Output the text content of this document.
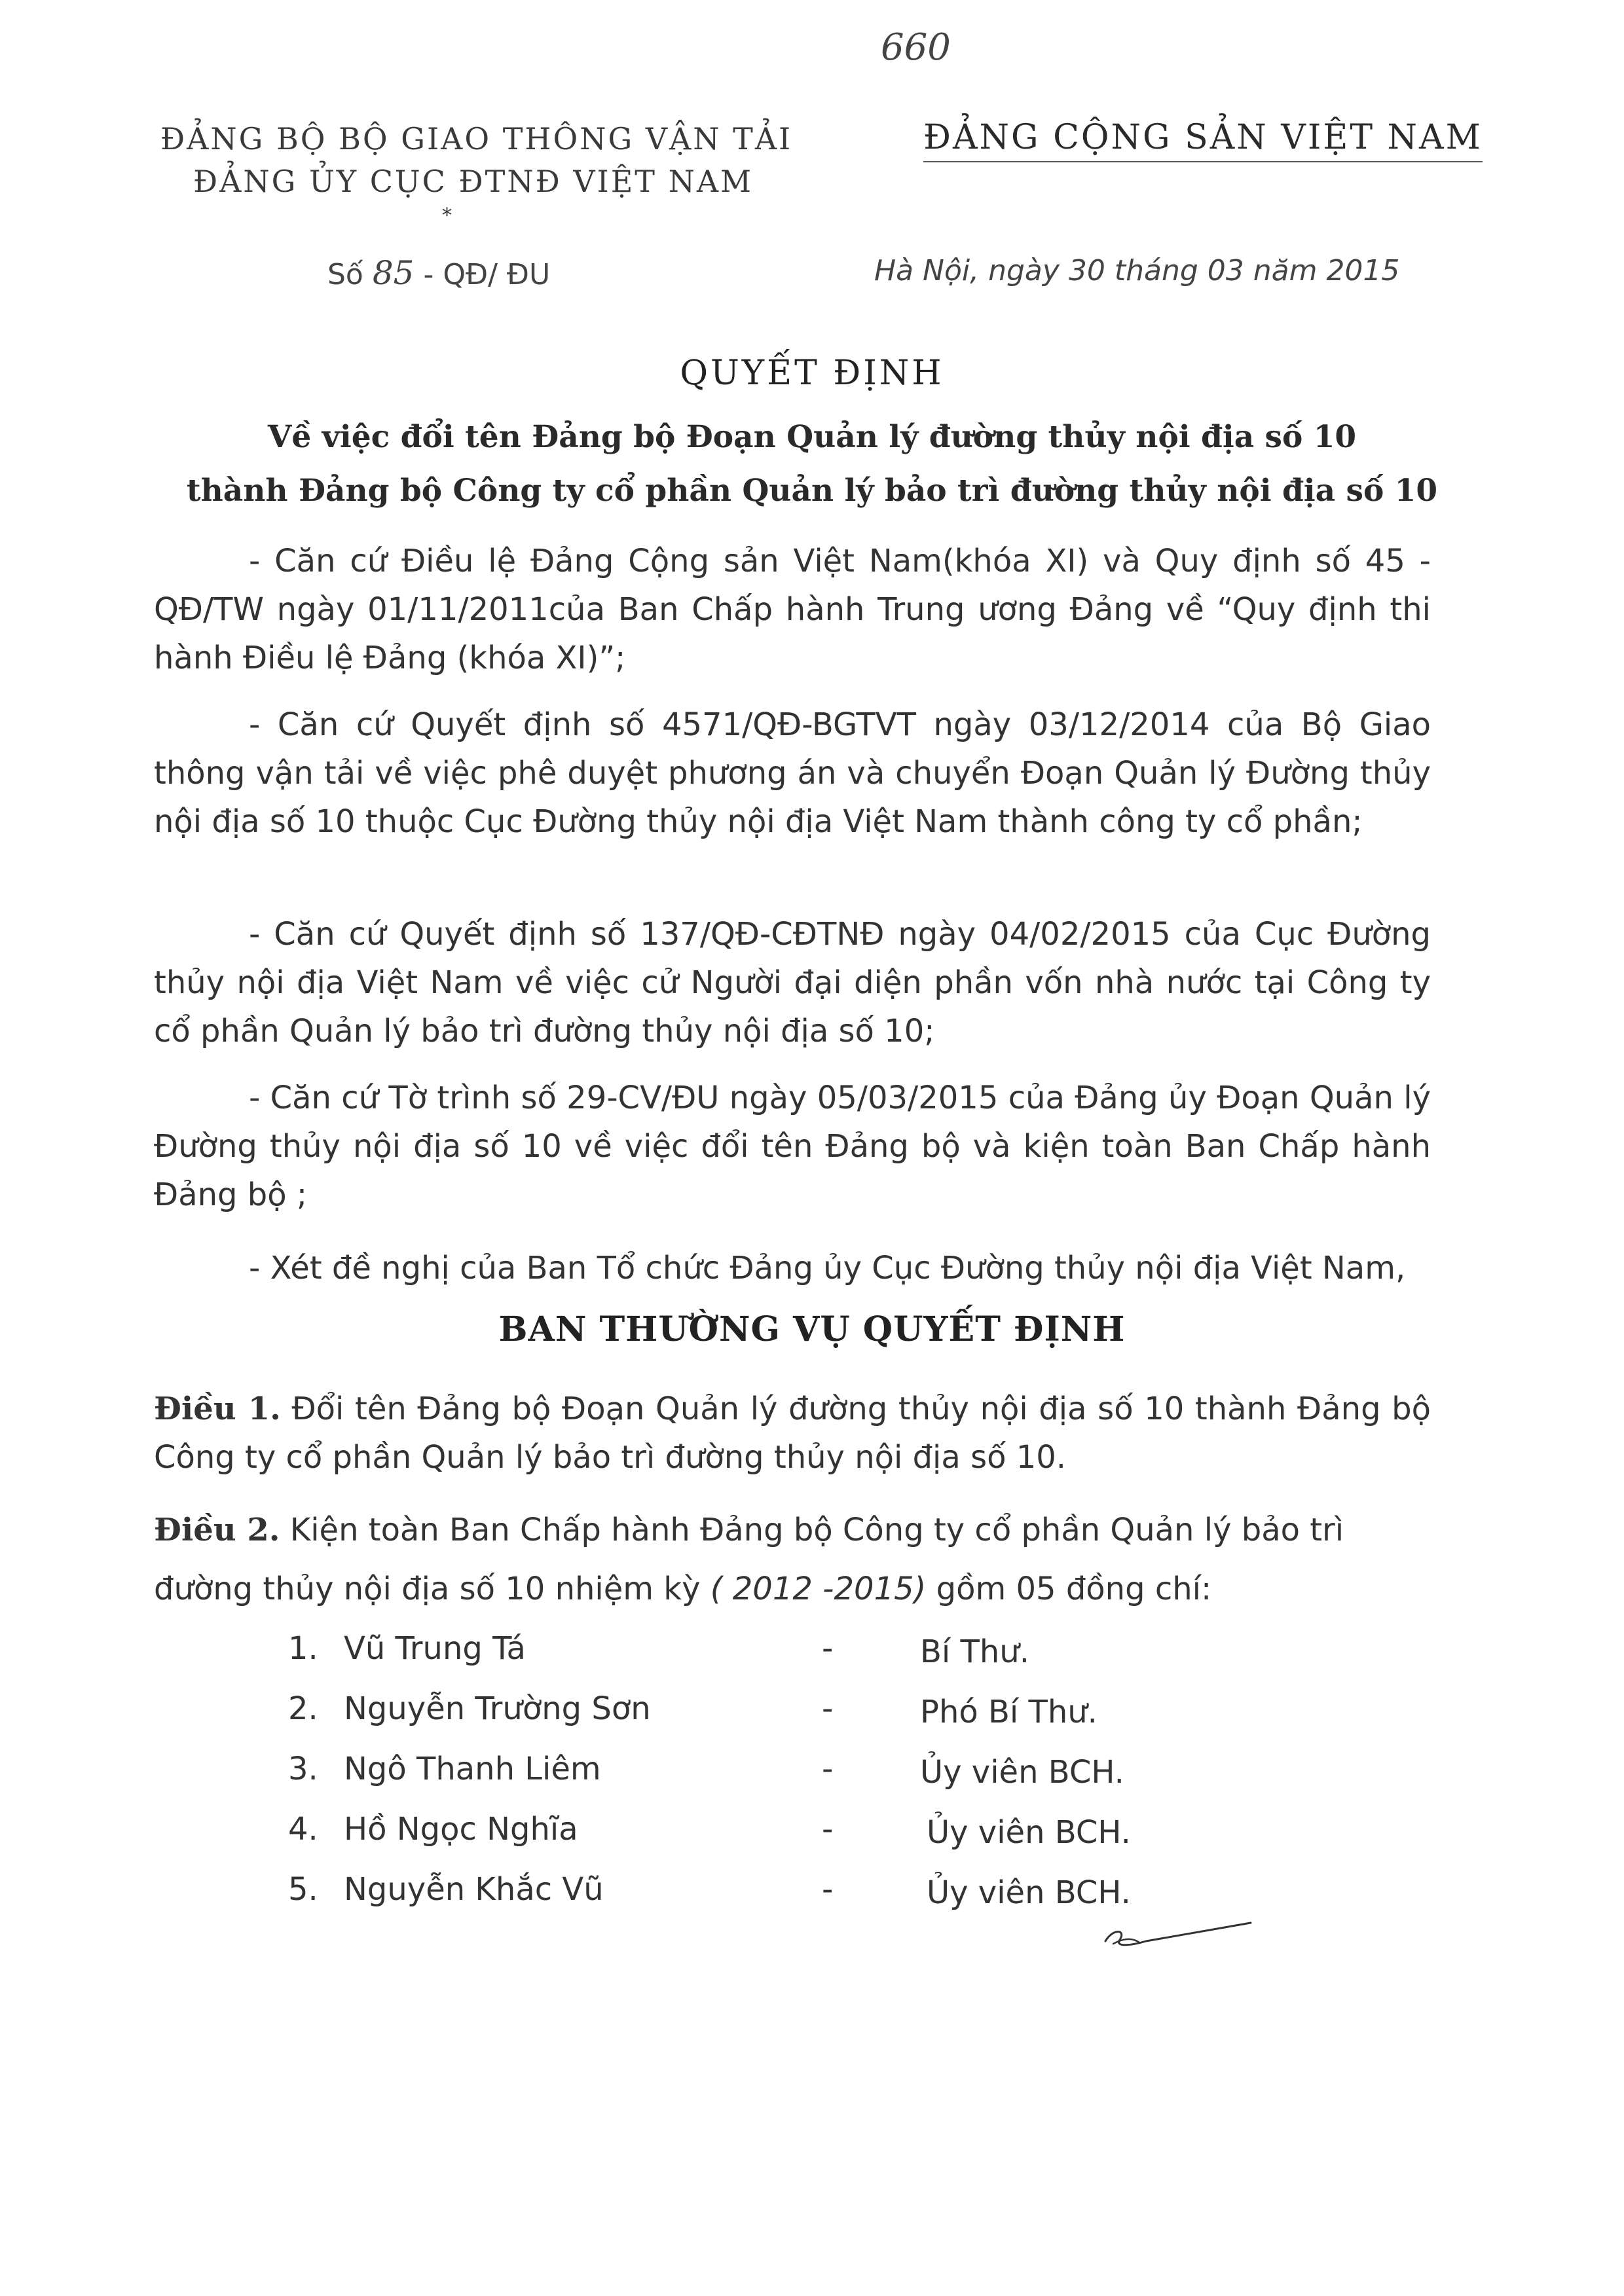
660
ĐẢNG BỘ BỘ GIAO THÔNG VẬN TẢI
ĐẢNG ỦY CỤC ĐTNĐ VIỆT NAM
*
ĐẢNG CỘNG SẢN VIỆT NAM
Số 85 - QĐ/ ĐU	Hà Nội, ngày 30 tháng 03 năm 2015
QUYẾT ĐỊNH
Về việc đổi tên Đảng bộ Đoạn Quản lý đường thủy nội địa số 10
thành Đảng bộ Công ty cổ phần Quản lý bảo trì đường thủy nội địa số 10
- Căn cứ Điều lệ Đảng Cộng sản Việt Nam(khóa XI) và Quy định số 45 - QĐ/TW ngày 01/11/2011của Ban Chấp hành Trung ương Đảng về “Quy định thi hành Điều lệ Đảng (khóa XI)”;
- Căn cứ Quyết định số 4571/QĐ-BGTVT ngày 03/12/2014 của Bộ Giao thông vận tải về việc phê duyệt phương án và chuyển Đoạn Quản lý Đường thủy nội địa số 10 thuộc Cục Đường thủy nội địa Việt Nam thành công ty cổ phần;
- Căn cứ Quyết định số 137/QĐ-CĐTNĐ ngày 04/02/2015 của Cục Đường thủy nội địa Việt Nam về việc cử Người đại diện phần vốn nhà nước tại Công ty cổ phần Quản lý bảo trì đường thủy nội địa số 10;
- Căn cứ Tờ trình số 29-CV/ĐU ngày 05/03/2015 của Đảng ủy Đoạn Quản lý Đường thủy nội địa số 10 về việc đổi tên Đảng bộ và kiện toàn Ban Chấp hành Đảng bộ ;
- Xét đề nghị của Ban Tổ chức Đảng ủy Cục Đường thủy nội địa Việt Nam,
BAN THƯỜNG VỤ QUYẾT ĐỊNH
Điều 1. Đổi tên Đảng bộ Đoạn Quản lý đường thủy nội địa số 10 thành Đảng bộ Công ty cổ phần Quản lý bảo trì đường thủy nội địa số 10.
Điều 2. Kiện toàn Ban Chấp hành Đảng bộ Công ty cổ phần Quản lý bảo trì
đường thủy nội địa số 10 nhiệm kỳ ( 2012 -2015) gồm 05 đồng chí:
1. Vũ Trung Tá	-	Bí Thư.
2. Nguyễn Trường Sơn	-	Phó Bí Thư.
3. Ngô Thanh Liêm	-	Ủy viên BCH.
4. Hồ Ngọc Nghĩa	-	Ủy viên BCH.
5. Nguyễn Khắc Vũ	-	Ủy viên BCH.
